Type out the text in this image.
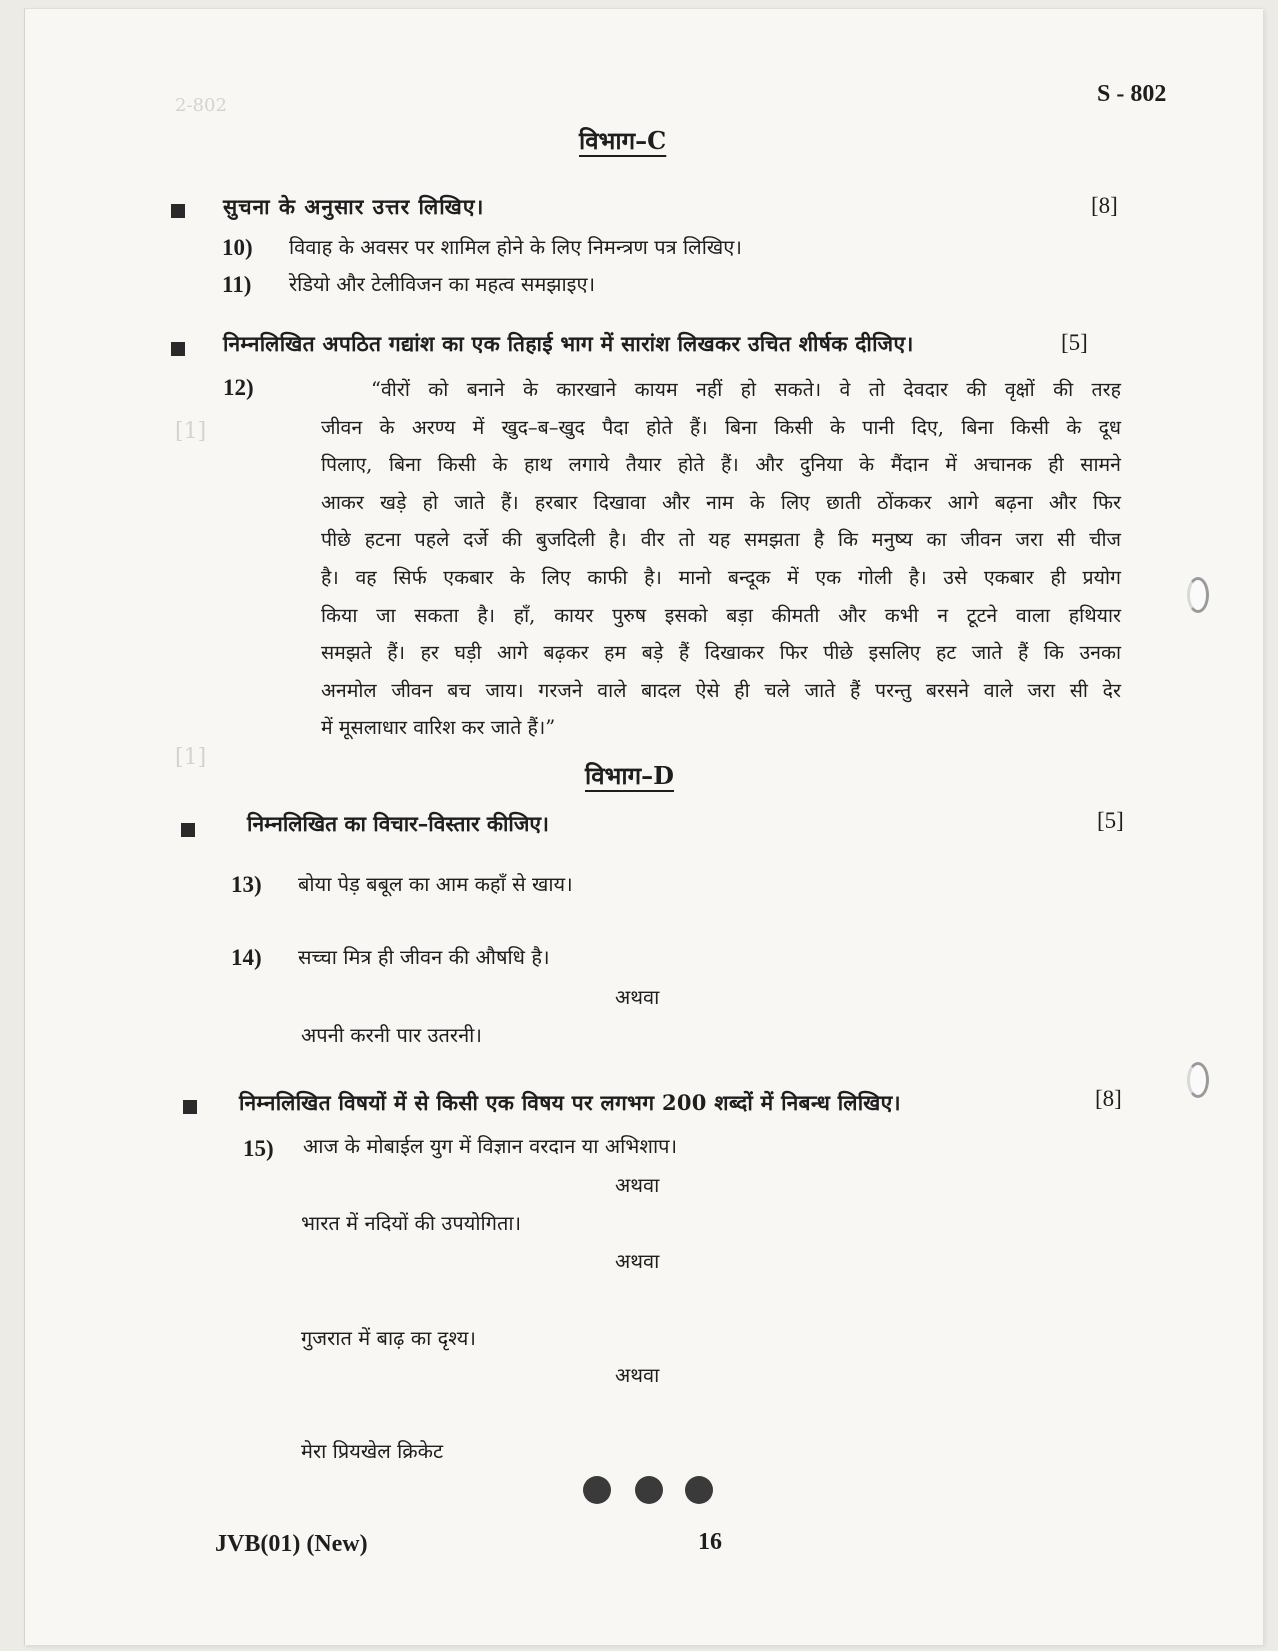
2-802
[1]
[1]
S - 802
विभाग–C
सुचना के अनुसार उत्तर लिखिए।	[8]
10) विवाह के अवसर पर शामिल होने के लिए निमन्त्रण पत्र लिखिए।
11) रेडियो और टेलीविजन का महत्व समझाइए।
निम्नलिखित अपठित गद्यांश का एक तिहाई भाग में सारांश लिखकर उचित शीर्षक दीजिए।	[5]
12)	“वीरों को बनाने के कारखाने कायम नहीं हो सकते। वे तो देवदार की वृक्षों की तरह
जीवन के अरण्य में खुद–ब–खुद पैदा होते हैं। बिना किसी के पानी दिए, बिना किसी के दूध
पिलाए, बिना किसी के हाथ लगाये तैयार होते हैं। और दुनिया के मैंदान में अचानक ही सामने
आकर खड़े हो जाते हैं। हरबार दिखावा और नाम के लिए छाती ठोंककर आगे बढ़ना और फिर
पीछे हटना पहले दर्जे की बुजदिली है। वीर तो यह समझता है कि मनुष्य का जीवन जरा सी चीज
है। वह सिर्फ एकबार के लिए काफी है। मानो बन्दूक में एक गोली है। उसे एकबार ही प्रयोग
किया जा सकता है। हाँ, कायर पुरुष इसको बड़ा कीमती और कभी न टूटने वाला हथियार
समझते हैं। हर घड़ी आगे बढ़कर हम बड़े हैं दिखाकर फिर पीछे इसलिए हट जाते हैं कि उनका
अनमोल जीवन बच जाय। गरजने वाले बादल ऐसे ही चले जाते हैं परन्तु बरसने वाले जरा सी देर
में मूसलाधार वारिश कर जाते हैं।”
विभाग–D
निम्नलिखित का विचार–विस्तार कीजिए।	[5]
13) बोया पेड़ बबूल का आम कहाँ से खाय।
14) सच्चा मित्र ही जीवन की औषधि है।
अथवा
अपनी करनी पार उतरनी।
निम्नलिखित विषयों में से किसी एक विषय पर लगभग 200 शब्दों में निबन्ध लिखिए।	[8]
15) आज के मोबाईल युग में विज्ञान वरदान या अभिशाप।
अथवा
भारत में नदियों की उपयोगिता।
अथवा
गुजरात में बाढ़ का दृश्य।
अथवा
मेरा प्रियखेल क्रिकेट
JVB(01) (New)	16
